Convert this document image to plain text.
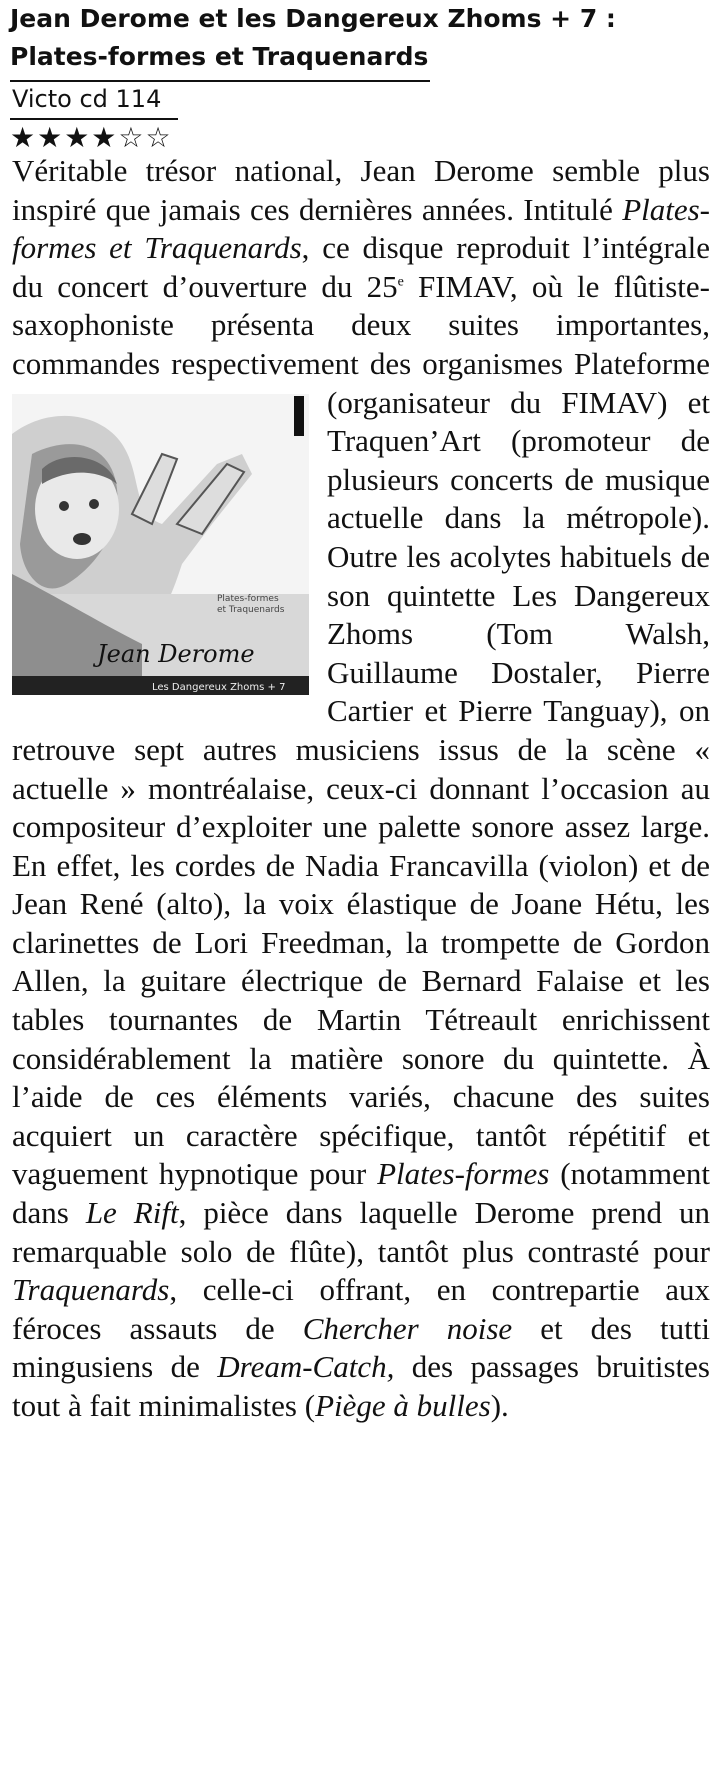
Jean Derome et les Dangereux Zhoms + 7 :
Plates-formes et Traquenards
Victo cd 114
★★★★☆☆
Véritable trésor national, Jean Derome semble plus inspiré que jamais ces dernières années. Intitulé Plates-formes et Traquenards, ce disque reproduit l’intégrale du concert d’ouverture du 25e FIMAV, où le flûtiste-saxophoniste présenta deux suites importantes, commandes respectivement des organismes Plateforme
Plates-formes
et Traquenards
Jean Derome
Les Dangereux Zhoms + 7
(organisateur du FIMAV) et Traquen’Art (promoteur de plusieurs concerts de musique actuelle dans la métropole). Outre les acolytes habituels de son quintette Les Dangereux Zhoms (Tom Walsh, Guillaume Dostaler, Pierre Cartier et Pierre Tanguay), on retrouve sept autres musiciens issus de la scène « actuelle » montréalaise, ceux-ci donnant l’occasion au compositeur d’exploiter une palette sonore assez large. En effet, les cordes de Nadia Francavilla (violon) et de Jean René (alto), la voix élastique de Joane Hétu, les clarinettes de Lori Freedman, la trompette de Gordon Allen, la guitare électrique de Bernard Falaise et les tables tournantes de Martin Tétreault enrichissent considérablement la matière sonore du quintette. À l’aide de ces éléments variés, chacune des suites acquiert un caractère spécifique, tantôt répétitif et vaguement hypnotique pour Plates-formes (notamment dans Le Rift, pièce dans laquelle Derome prend un remarquable solo de flûte), tantôt plus contrasté pour Traquenards, celle-ci offrant, en contrepartie aux féroces assauts de Chercher noise et des tutti mingusiens de Dream-Catch, des passages bruitistes tout à fait minimalistes (Piège à bulles).
